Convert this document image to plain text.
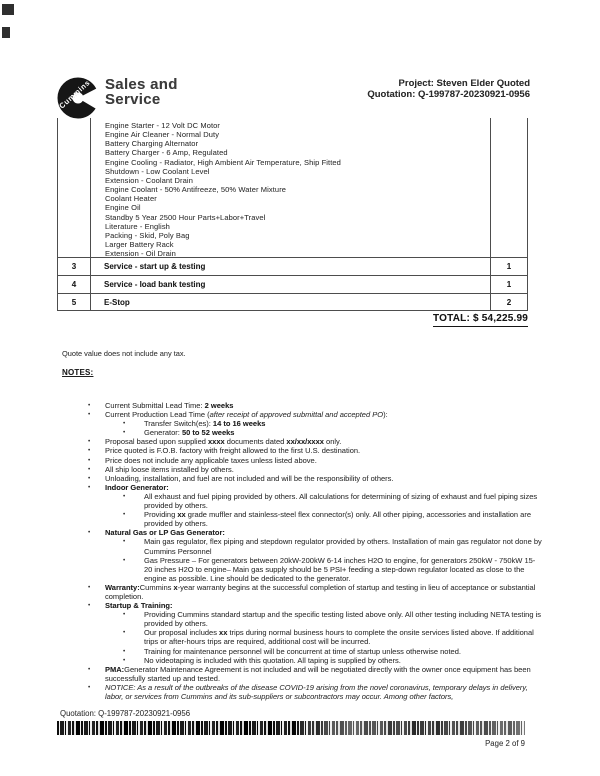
Cummins Sales and
Service
Project: Steven Elder Quoted
Quotation: Q-199787-20230921-0956
Engine Starter - 12 Volt DC Motor
Engine Air Cleaner - Normal Duty
Battery Charging Alternator
Battery Charger - 6 Amp, Regulated
Engine Cooling - Radiator, High Ambient Air Temperature, Ship Fitted
Shutdown - Low Coolant Level
Extension - Coolant Drain
Engine Coolant - 50% Antifreeze, 50% Water Mixture
Coolant Heater
Engine Oil
Standby 5 Year 2500 Hour Parts+Labor+Travel
Literature - English
Packing - Skid, Poly Bag
Larger Battery Rack
Extension - Oil Drain
3	Service - start up & testing	1
4	Service - load bank testing	1
5	E-Stop	2
TOTAL: $ 54,225.99
Quote value does not include any tax.
NOTES:
• Current Submittal Lead Time: 2 weeks
• Current Production Lead Time (after receipt of approved submittal and accepted PO):
• Transfer Switch(es): 14 to 16 weeks
• Generator: 50 to 52 weeks
• Proposal based upon supplied xxxx documents dated xx/xx/xxxx only.
• Price quoted is F.O.B. factory with freight allowed to the first U.S. destination.
• Price does not include any applicable taxes unless listed above.
• All ship loose items installed by others.
• Unloading, installation, and fuel are not included and will be the responsibility of others.
• Indoor Generator:
• All exhaust and fuel piping provided by others. All calculations for determining of sizing of exhaust and fuel piping sizes provided by others.
• Providing xx grade muffler and stainless-steel flex connector(s) only. All other piping, accessories and installation are provided by others.
• Natural Gas or LP Gas Generator:
• Main gas regulator, flex piping and stepdown regulator provided by others. Installation of main gas regulator not done by Cummins Personnel
• Gas Pressure – For generators between 20kW-200kW 6-14 inches H2O to engine, for generators 250kW - 750kW 15-20 inches H2O to engine– Main gas supply should be 5 PSI+ feeding a step-down regulator located as close to the engine as possible. Line should be dedicated to the generator.
• Warranty:Cummins x-year warranty begins at the successful completion of startup and testing in lieu of acceptance or substantial completion.
• Startup & Training:
• Providing Cummins standard startup and the specific testing listed above only. All other testing including NETA testing is provided by others.
• Our proposal includes xx trips during normal business hours to complete the onsite services listed above. If additional trips or after-hours trips are required, additional cost will be incurred.
• Training for maintenance personnel will be concurrent at time of startup unless otherwise noted.
• No videotaping is included with this quotation. All taping is supplied by others.
• PMA:Generator Maintenance Agreement is not included and will be negotiated directly with the owner once equipment has been successfully started up and tested.
• NOTICE: As a result of the outbreaks of the disease COVID-19 arising from the novel coronavirus, temporary delays in delivery, labor, or services from Cummins and its sub-suppliers or subcontractors may occur. Among other factors,
Quotation: Q-199787-20230921-0956
Page 2 of 9
